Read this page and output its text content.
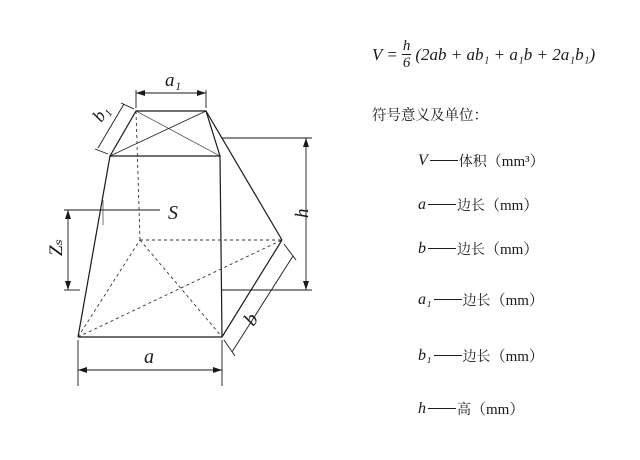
a₁
b₁
S	h
Zₛ
a
b
$V = \frac{h}{6} (2ab + ab_1 + a_1b + 2a_1b_1)$
符号意义及单位：
V 体积 （mm³）
a 边长 （mm）
b 边长 （mm）
a₁ 边长 （mm）
b₁ 边长 （mm）
h 高 （mm）
